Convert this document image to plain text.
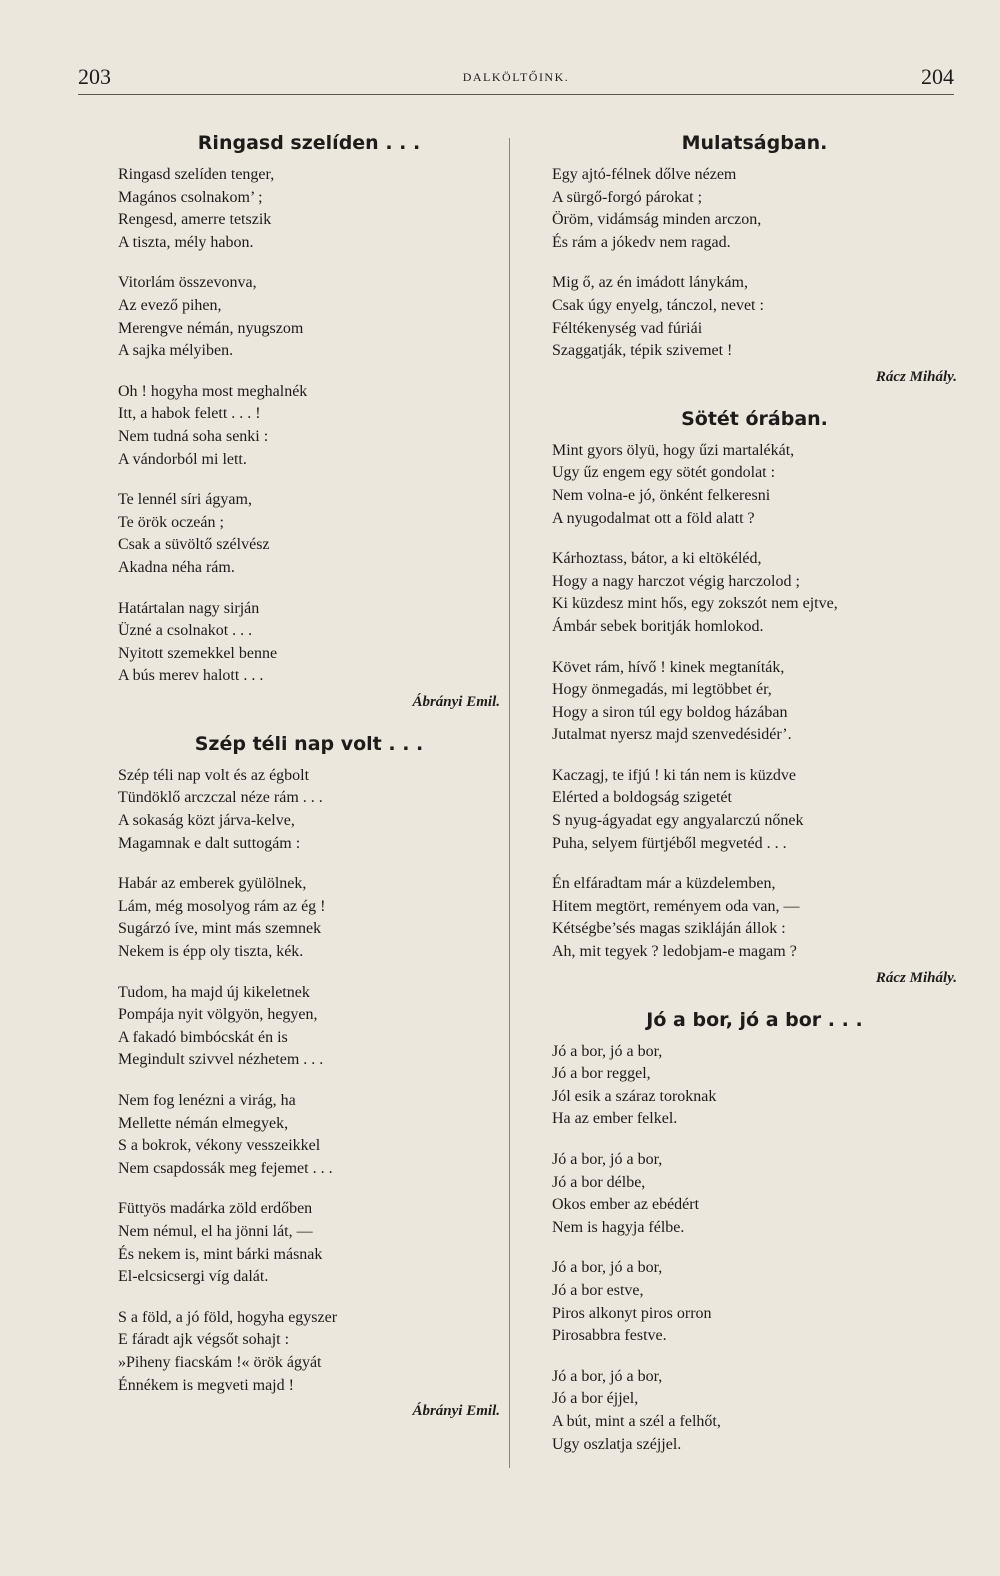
203	DALKÖLTŐINK.	204
Ringasd szelíden . . .
Ringasd szelíden tenger,
Magános csolnakom’ ;
Rengesd, amerre tetszik
A tiszta, mély habon.
Vitorlám összevonva,
Az evező pihen,
Merengve némán, nyugszom
A sajka mélyiben.
Oh ! hogyha most meghalnék
Itt, a habok felett . . . !
Nem tudná soha senki :
A vándorból mi lett.
Te lennél síri ágyam,
Te örök oczeán ;
Csak a süvöltő szélvész
Akadna néha rám.
Határtalan nagy sirján
Üzné a csolnakot . . .
Nyitott szemekkel benne
A bús merev halott . . .
Ábrányi Emil.
Szép téli nap volt . . .
Szép téli nap volt és az égbolt
Tündöklő arczczal néze rám . . .
A sokaság közt járva-kelve,
Magamnak e dalt suttogám :
Habár az emberek gyülölnek,
Lám, még mosolyog rám az ég !
Sugárzó íve, mint más szemnek
Nekem is épp oly tiszta, kék.
Tudom, ha majd új kikeletnek
Pompája nyit völgyön, hegyen,
A fakadó bimbócskát én is
Megindult szivvel nézhetem . . .
Nem fog lenézni a virág, ha
Mellette némán elmegyek,
S a bokrok, vékony vesszeikkel
Nem csapdossák meg fejemet . . .
Füttyös madárka zöld erdőben
Nem némul, el ha jönni lát, —
És nekem is, mint bárki másnak
El-elcsicsergi víg dalát.
S a föld, a jó föld, hogyha egyszer
E fáradt ajk végsőt sohajt :
»Piheny fiacskám !« örök ágyát
Énnékem is megveti majd !
Ábrányi Emil.
Mulatságban.
Egy ajtó-félnek dőlve nézem
A sürgő-forgó párokat ;
Öröm, vidámság minden arczon,
És rám a jókedv nem ragad.
Mig ő, az én imádott lánykám,
Csak úgy enyelg, tánczol, nevet :
Féltékenység vad fúriái
Szaggatják, tépik szivemet !
Rácz Mihály.
Sötét órában.
Mint gyors ölyü, hogy űzi martalékát,
Ugy űz engem egy sötét gondolat :
Nem volna-e jó, önként felkeresni
A nyugodalmat ott a föld alatt ?
Kárhoztass, bátor, a ki eltökéléd,
Hogy a nagy harczot végig harczolod ;
Ki küzdesz mint hős, egy zokszót nem ejtve,
Ámbár sebek boritják homlokod.
Követ rám, hívő ! kinek megtaníták,
Hogy önmegadás, mi legtöbbet ér,
Hogy a siron túl egy boldog házában
Jutalmat nyersz majd szenvedésidér’.
Kaczagj, te ifjú ! ki tán nem is küzdve
Elérted a boldogság szigetét
S nyug-ágyadat egy angyalarczú nőnek
Puha, selyem fürtjéből megvetéd . . .
Én elfáradtam már a küzdelemben,
Hitem megtört, reményem oda van, —
Kétségbe’sés magas szikláján állok :
Ah, mit tegyek ? ledobjam-e magam ?
Rácz Mihály.
Jó a bor, jó a bor . . .
Jó a bor, jó a bor,
Jó a bor reggel,
Jól esik a száraz toroknak
Ha az ember felkel.
Jó a bor, jó a bor,
Jó a bor délbe,
Okos ember az ebédért
Nem is hagyja félbe.
Jó a bor, jó a bor,
Jó a bor estve,
Piros alkonyt piros orron
Pirosabbra festve.
Jó a bor, jó a bor,
Jó a bor éjjel,
A bút, mint a szél a felhőt,
Ugy oszlatja széjjel.
